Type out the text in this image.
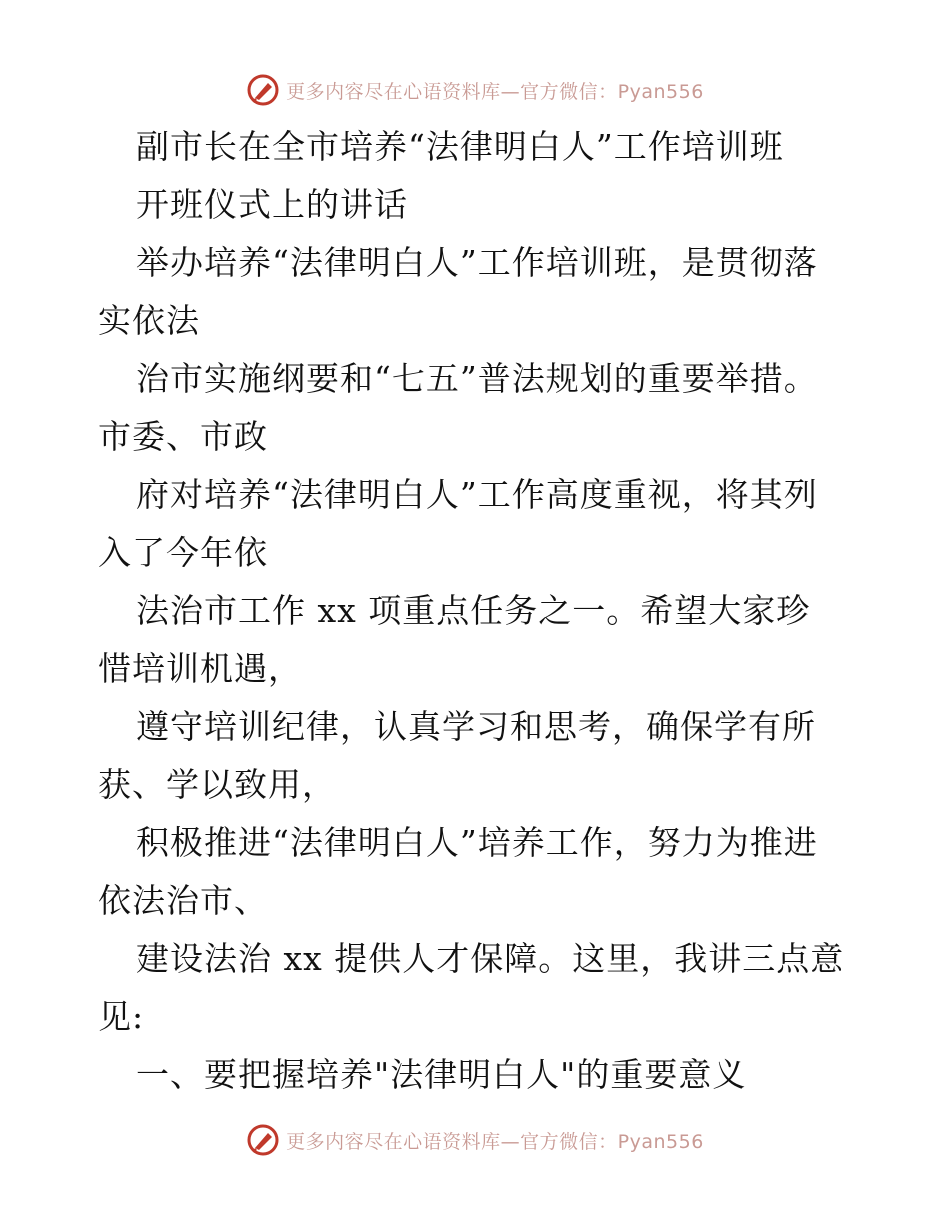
更多内容尽在心语资料库—官方微信：Pyan556
副市长在全市培养“法律明白人”工作培训班
开班仪式上的讲话
举办培养“法律明白人”工作培训班，是贯彻落
实依法
治市实施纲要和“七五”普法规划的重要举措。
市委、市政
府对培养“法律明白人”工作高度重视，将其列
入了今年依
法治市工作 xx 项重点任务之一。希望大家珍
惜培训机遇，
遵守培训纪律，认真学习和思考，确保学有所
获、学以致用，
积极推进“法律明白人”培养工作，努力为推进
依法治市、
建设法治 xx 提供人才保障。这里，我讲三点意
见:
一、要把握培养"法律明白人"的重要意义
更多内容尽在心语资料库—官方微信：Pyan556
